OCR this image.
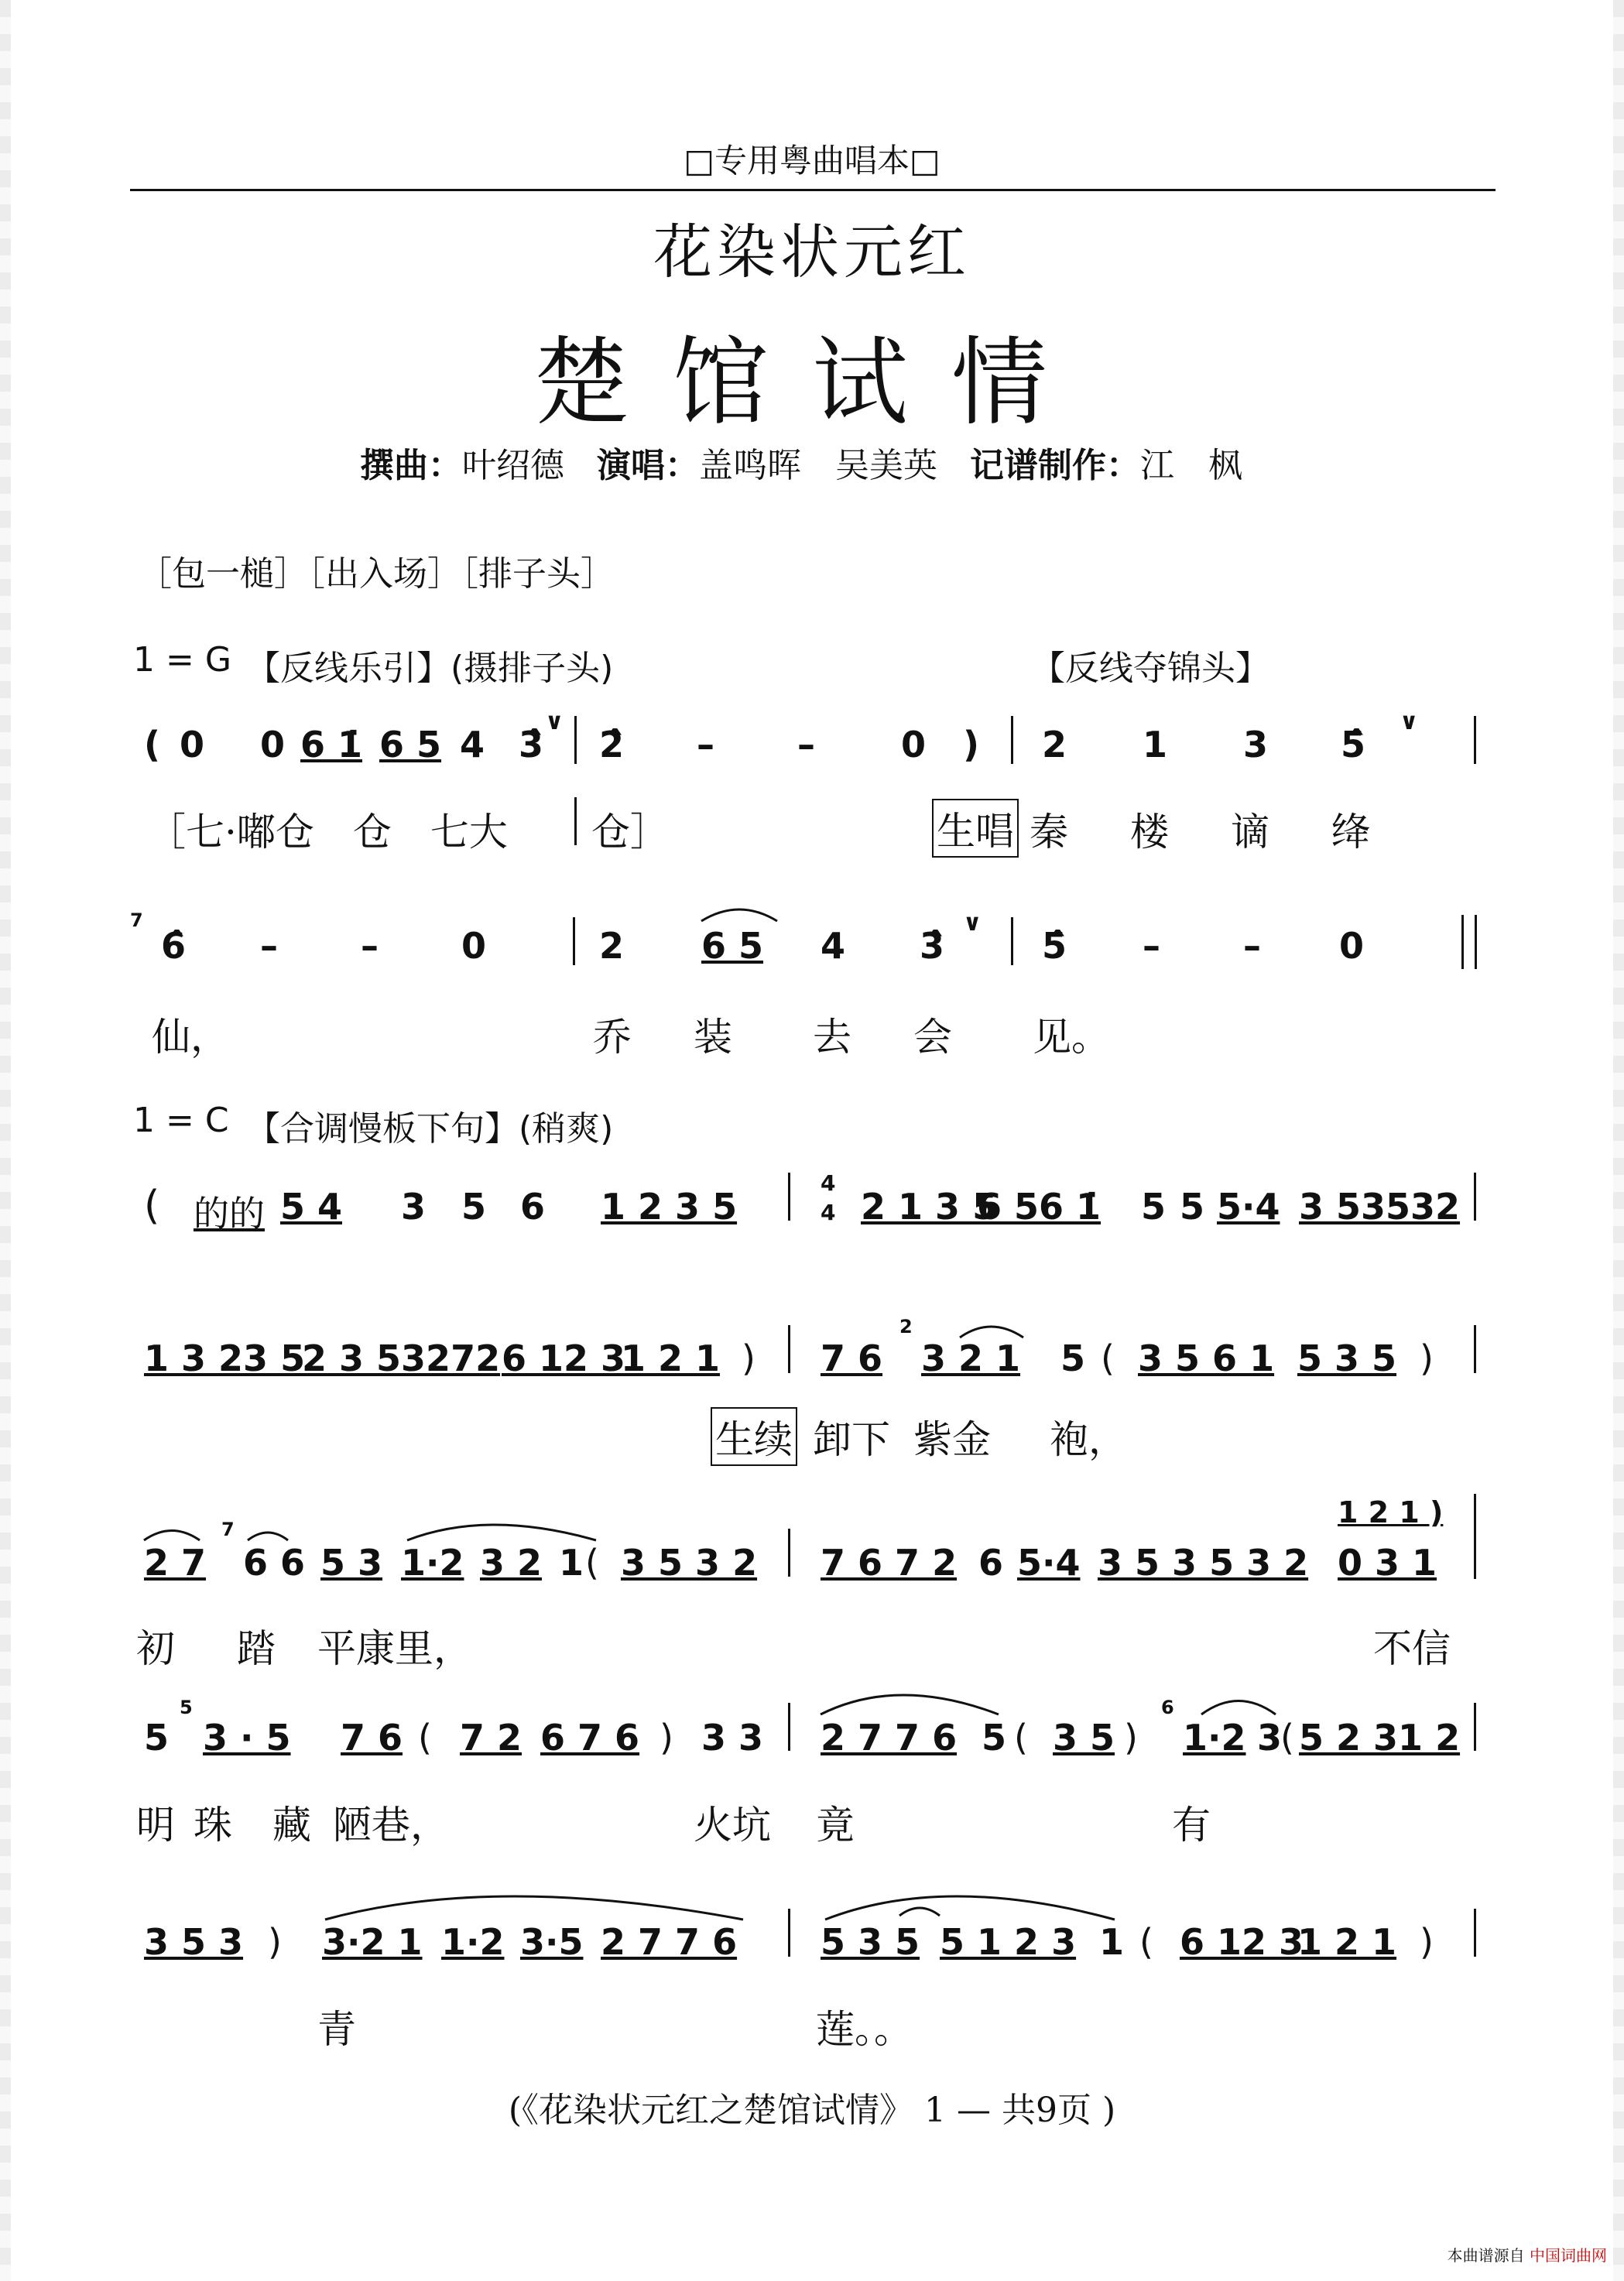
□专用粤曲唱本□
花染状元红
楚馆试情
撰曲：叶绍德 演唱：盖鸣晖　吴美英 记谱制作：江　枫
［包一槌］［出入场］［排子头］
1 = G 【反线乐引】(摄排子头)	【反线夺锦头】
( 0 0 6 1̇ 6 5 4 3̂
∨
2̂ – – 0 ) 2 1 3 5̂
∨
［七·嘟仓　仓　七大 仓］	生唱 秦 楼 谪 绛
7
6̂ – – 0	2 6 5 4 3̂
∨
5̂ – – 0
仙，	乔 装 去 会 见。
1 = C 【合调慢板下句】(稍爽)
( 的的 5 4 3 5 6 1 2 3 5
4
4 2 1 3 5
6 56 1̇ 5 5 5·4 3 53532
1 3 23 5
2 3 53272 6 12 3
1 2 1 ) 7 6
2
3 2 1 5 ( 3 5 6 1 5 3 5 )
生续 卸下 紫金 袍，
1 2 1 )
2 7
7
6 6 5 3 1·2 3 2 1 ( 3 5 3 2 7 6 7 2 6 5·4 3 5 3 5 3 2 0 3 1
初 踏 平康里，	不信
5
5
3 · 5 7 6 ( 7 2 6 7 6 ) 3 3 2 7 7 6 5 ( 3 5 )
6
1·2 3
( 5 2 31 2
明 珠 藏 陋巷，	火坑 竟	有
3 5 3 ) 3·2 1 1·2 3·5 2 7 7 6 5 3 5 5 1 2 3 1 ( 6 12 3
1 2 1 )
青	莲。。
(《花染状元红之楚馆试情》 1 — 共9页 )
本曲谱源自 中国词曲网
